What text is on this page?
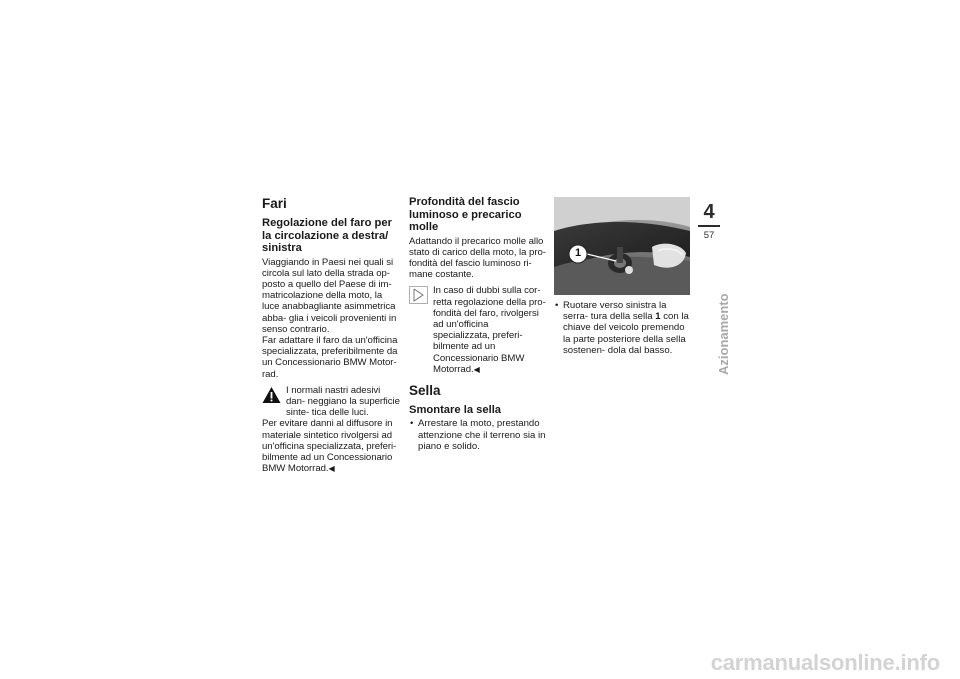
Fari
Regolazione del faro per la circolazione a destra/ sinistra

Viaggiando in Paesi nei quali si circola sul lato della strada op- posto a quello del Paese di im- matricolazione della moto, la luce anabbagliante asimmetrica abba- glia i veicoli provenienti in senso contrario.

Far adattare il faro da un'officina specializzata, preferibilmente da un Concessionario BMW Motor- rad.

I normali nastri adesivi dan- neggiano la superficie sinte- tica delle luci.

Per evitare danni al diffusore in materiale sintetico rivolgersi ad un'officina specializzata, preferi- bilmente ad un Concessionario BMW Motorrad.◀

Profondità del fascio luminoso e precarico molle

Adattando il precarico molle allo stato di carico della moto, la pro- fondità del fascio luminoso ri- mane costante.

In caso di dubbi sulla cor- retta regolazione della pro- fondità del faro, rivolgersi ad un'officina specializzata, preferi- bilmente ad un Concessionario BMW Motorrad.◀

Sella
Smontare la sella
• Arrestare la moto, prestando attenzione che il terreno sia in piano e solido.
1
• Ruotare verso sinistra la serra- tura della sella 1 con la chiave del veicolo premendo la parte posteriore della sella sostenen- dola dal basso.
4
57
Azionamento
carmanualsonline.info
